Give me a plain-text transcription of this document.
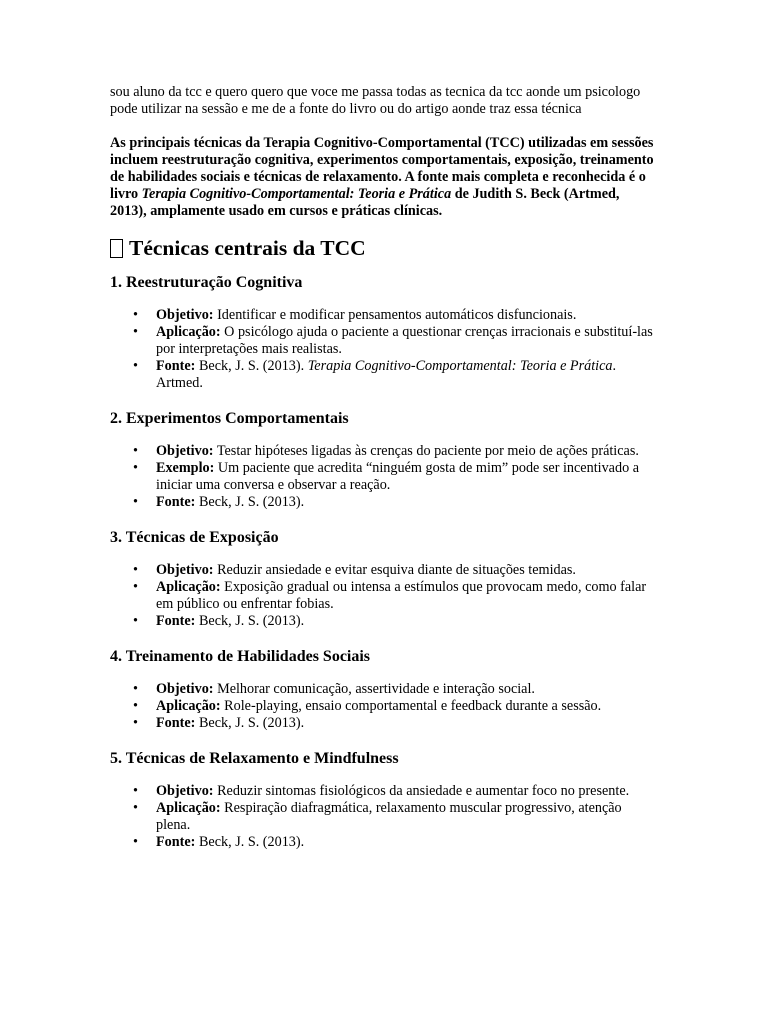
sou aluno da tcc e quero quero que voce me passa todas as tecnica da tcc aonde um psicologo pode utilizar na sessão e me de a fonte do livro ou do artigo aonde traz essa técnica

As principais técnicas da Terapia Cognitivo-Comportamental (TCC) utilizadas em sessões incluem reestruturação cognitiva, experimentos comportamentais, exposição, treinamento de habilidades sociais e técnicas de relaxamento. A fonte mais completa e reconhecida é o livro Terapia Cognitivo-Comportamental: Teoria e Prática de Judith S. Beck (Artmed, 2013), amplamente usado em cursos e práticas clínicas.

Técnicas centrais da TCC
1. Reestruturação Cognitiva
• Objetivo: Identificar e modificar pensamentos automáticos disfuncionais.
• Aplicação: O psicólogo ajuda o paciente a questionar crenças irracionais e substituí-las por interpretações mais realistas.
• Fonte: Beck, J. S. (2013). Terapia Cognitivo-Comportamental: Teoria e Prática. Artmed.
2. Experimentos Comportamentais
• Objetivo: Testar hipóteses ligadas às crenças do paciente por meio de ações práticas.
• Exemplo: Um paciente que acredita “ninguém gosta de mim” pode ser incentivado a iniciar uma conversa e observar a reação.
• Fonte: Beck, J. S. (2013).
3. Técnicas de Exposição
• Objetivo: Reduzir ansiedade e evitar esquiva diante de situações temidas.
• Aplicação: Exposição gradual ou intensa a estímulos que provocam medo, como falar em público ou enfrentar fobias.
• Fonte: Beck, J. S. (2013).
4. Treinamento de Habilidades Sociais
• Objetivo: Melhorar comunicação, assertividade e interação social.
• Aplicação: Role-playing, ensaio comportamental e feedback durante a sessão.
• Fonte: Beck, J. S. (2013).
5. Técnicas de Relaxamento e Mindfulness
• Objetivo: Reduzir sintomas fisiológicos da ansiedade e aumentar foco no presente.
• Aplicação: Respiração diafragmática, relaxamento muscular progressivo, atenção plena.
• Fonte: Beck, J. S. (2013).
